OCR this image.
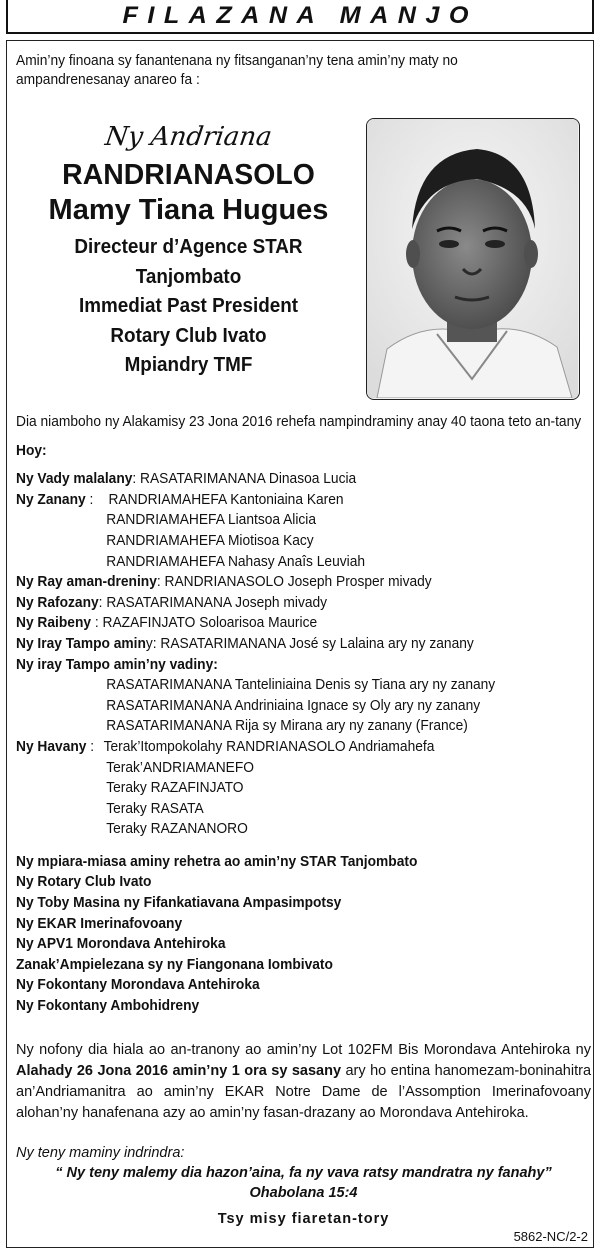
FILAZANA MANJO
Amin’ny finoana sy fanantenana ny fitsanganan’ny tena amin’ny maty no ampandrenesanay anareo fa :
Ny Andriana
RANDRIANASOLO
Mamy Tiana Hugues
Directeur d’Agence STAR
Tanjombato
Immediat Past President
Rotary Club Ivato
Mpiandry TMF
Dia niamboho ny Alakamisy 23 Jona 2016 rehefa nampindraminy anay 40 taona teto an-tany
Hoy:
Ny Vady malalany: RASATARIMANANA Dinasoa Lucia
Ny Zanany : RANDRIAMAHEFA Kantoniaina Karen
RANDRIAMAHEFA Liantsoa Alicia
RANDRIAMAHEFA Miotisoa Kacy
RANDRIAMAHEFA Nahasy Anaîs Leuviah
Ny Ray aman-dreniny: RANDRIANASOLO Joseph Prosper mivady
Ny Rafozany: RASATARIMANANA Joseph mivady
Ny Raibeny : RAZAFINJATO Soloarisoa Maurice
Ny Iray Tampo aminy: RASATARIMANANA José sy Lalaina ary ny zanany
Ny iray Tampo amin’ny vadiny:
RASATARIMANANA Tanteliniaina Denis sy Tiana ary ny zanany
RASATARIMANANA Andriniaina Ignace sy Oly ary ny zanany
RASATARIMANANA Rija sy Mirana ary ny zanany (France)
Ny Havany : Terak’Itompokolahy RANDRIANASOLO Andriamahefa
Terak’ANDRIAMANEFO
Teraky RAZAFINJATO
Teraky RASATA
Teraky RAZANANORO
Ny mpiara-miasa aminy rehetra ao amin’ny STAR Tanjombato
Ny Rotary Club Ivato
Ny Toby Masina ny Fifankatiavana Ampasimpotsy
Ny EKAR Imerinafovoany
Ny APV1 Morondava Antehiroka
Zanak’Ampielezana sy ny Fiangonana Iombivato
Ny Fokontany Morondava Antehiroka
Ny Fokontany Ambohidreny
Ny nofony dia hiala ao an-tranony ao amin’ny Lot 102FM Bis Morondava Antehiroka ny Alahady 26 Jona 2016 amin’ny 1 ora sy sasany ary ho entina hanomezam-boninahitra an’Andriamanitra ao amin’ny EKAR Notre Dame de l’Assomption Imerinafovoany alohan’ny hanafenana azy ao amin’ny fasan-drazany ao Morondava Antehiroka.
Ny teny maminy indrindra:
“ Ny teny malemy dia hazon’aina, fa ny vava ratsy mandratra ny fanahy”
Ohabolana 15:4
Tsy misy fiaretan-tory
5862-NC/2-2
